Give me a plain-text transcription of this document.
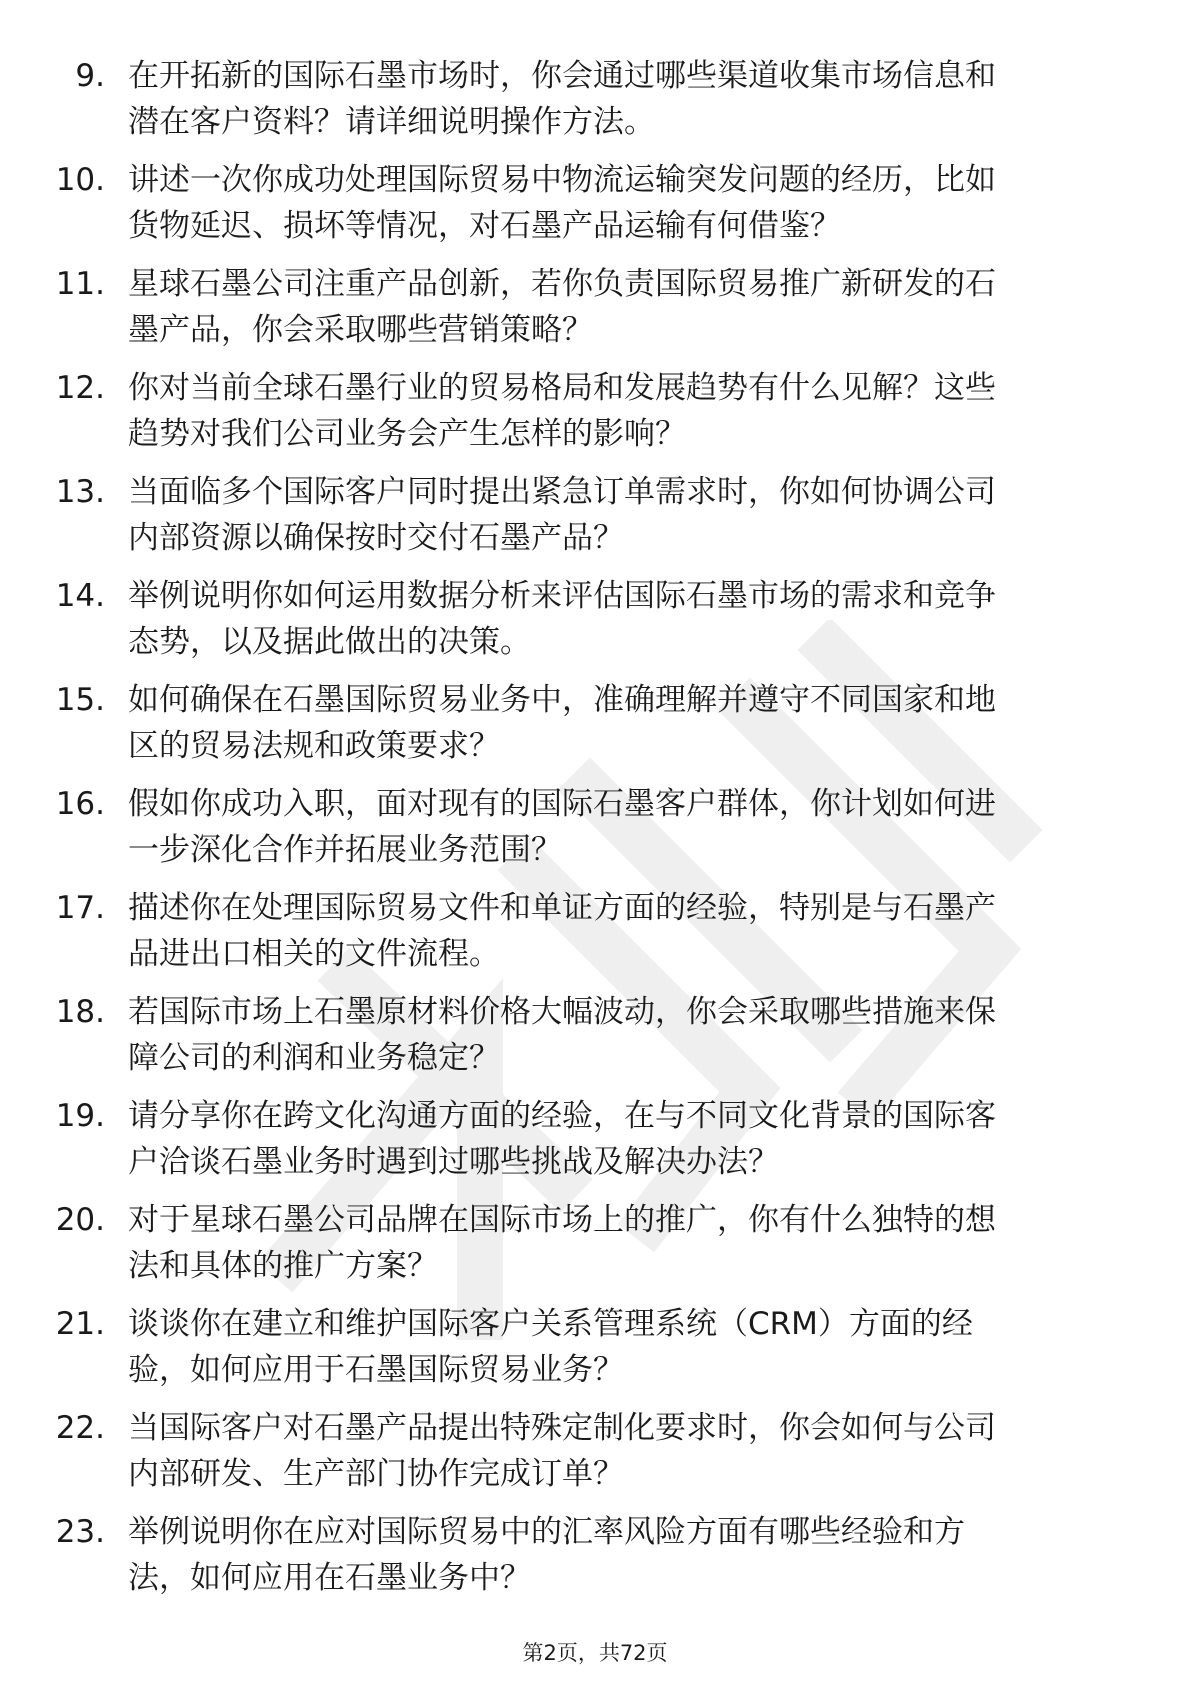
9. 在开拓新的国际石墨市场时，你会通过哪些渠道收集市场信息和
潜在客户资料？请详细说明操作方法。
10. 讲述一次你成功处理国际贸易中物流运输突发问题的经历，比如
货物延迟、损坏等情况，对石墨产品运输有何借鉴？
11. 星球石墨公司注重产品创新，若你负责国际贸易推广新研发的石
墨产品，你会采取哪些营销策略？
12. 你对当前全球石墨行业的贸易格局和发展趋势有什么见解？这些
趋势对我们公司业务会产生怎样的影响？
13. 当面临多个国际客户同时提出紧急订单需求时，你如何协调公司
内部资源以确保按时交付石墨产品？
14. 举例说明你如何运用数据分析来评估国际石墨市场的需求和竞争
态势，以及据此做出的决策。
15. 如何确保在石墨国际贸易业务中，准确理解并遵守不同国家和地
区的贸易法规和政策要求？
16. 假如你成功入职，面对现有的国际石墨客户群体，你计划如何进
一步深化合作并拓展业务范围？
17. 描述你在处理国际贸易文件和单证方面的经验，特别是与石墨产
品进出口相关的文件流程。
18. 若国际市场上石墨原材料价格大幅波动，你会采取哪些措施来保
障公司的利润和业务稳定？
19. 请分享你在跨文化沟通方面的经验，在与不同文化背景的国际客
户洽谈石墨业务时遇到过哪些挑战及解决办法？
20. 对于星球石墨公司品牌在国际市场上的推广，你有什么独特的想
法和具体的推广方案？
21. 谈谈你在建立和维护国际客户关系管理系统（CRM）方面的经
验，如何应用于石墨国际贸易业务？
22. 当国际客户对石墨产品提出特殊定制化要求时，你会如何与公司
内部研发、生产部门协作完成订单？
23. 举例说明你在应对国际贸易中的汇率风险方面有哪些经验和方
法，如何应用在石墨业务中？
第2页，共72页
